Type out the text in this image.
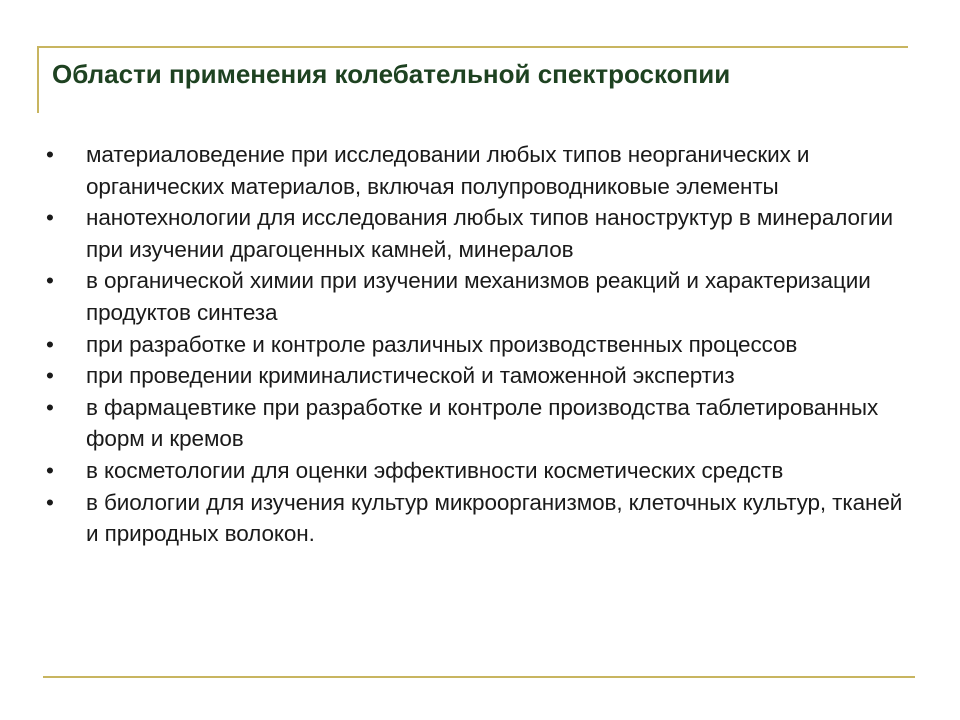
Области применения колебательной спектроскопии
•	материаловедение при исследовании любых типов неорганических и органических материалов, включая полупроводниковые элементы
•	нанотехнологии для исследования любых типов наноструктур в минералогии при изучении драгоценных камней, минералов
•	в органической химии при изучении механизмов реакций и характеризации продуктов синтеза
•	при разработке и контроле различных производственных процессов
•	при проведении криминалистической и таможенной экспертиз
•	в фармацевтике при разработке и контроле производства таблетированных форм и кремов
•	в косметологии для оценки эффективности косметических средств
•	в биологии для изучения культур микроорганизмов, клеточных культур, тканей и природных волокон.
